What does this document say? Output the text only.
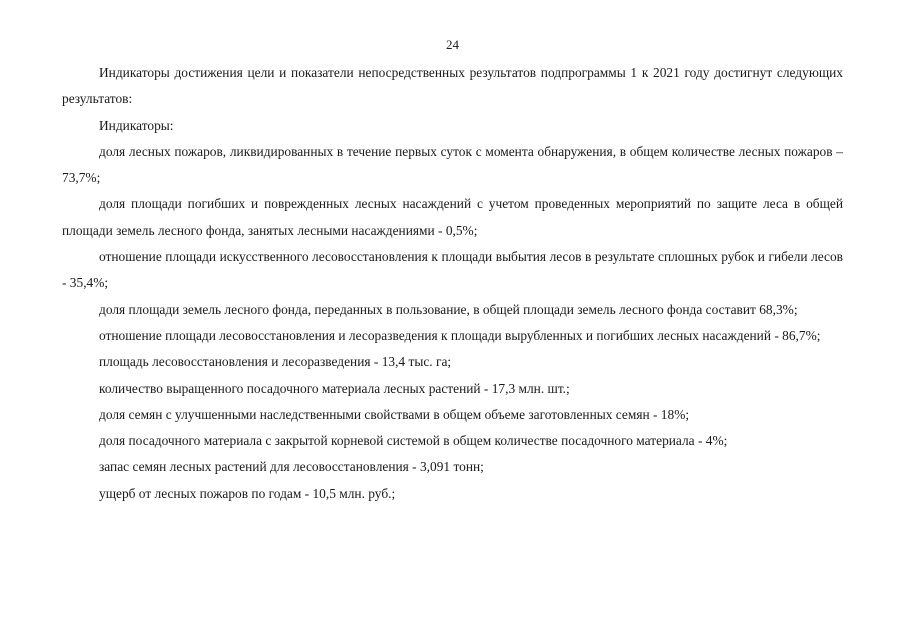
24

Индикаторы достижения цели и показатели непосредственных результатов подпрограммы 1 к 2021 году достигнут следующих результатов:

Индикаторы:

доля лесных пожаров, ликвидированных в течение первых суток с момента обнаружения, в общем количестве лесных пожаров – 73,7%;

доля площади погибших и поврежденных лесных насаждений с учетом проведенных мероприятий по защите леса в общей площади земель лесного фонда, занятых лесными насаждениями - 0,5%;

отношение площади искусственного лесовосстановления к площади выбытия лесов в результате сплошных рубок и гибели лесов - 35,4%;

доля площади земель лесного фонда, переданных в пользование, в общей площади земель лесного фонда составит 68,3%;

отношение площади лесовосстановления и лесоразведения к площади вырубленных и погибших лесных насаждений - 86,7%;

площадь лесовосстановления и лесоразведения - 13,4 тыс. га;

количество выращенного посадочного материала лесных растений - 17,3 млн. шт.;

доля семян с улучшенными наследственными свойствами в общем объеме заготовленных семян - 18%;

доля посадочного материала с закрытой корневой системой в общем количестве посадочного материала - 4%;

запас семян лесных растений для лесовосстановления - 3,091 тонн;

ущерб от лесных пожаров по годам - 10,5 млн. руб.;
